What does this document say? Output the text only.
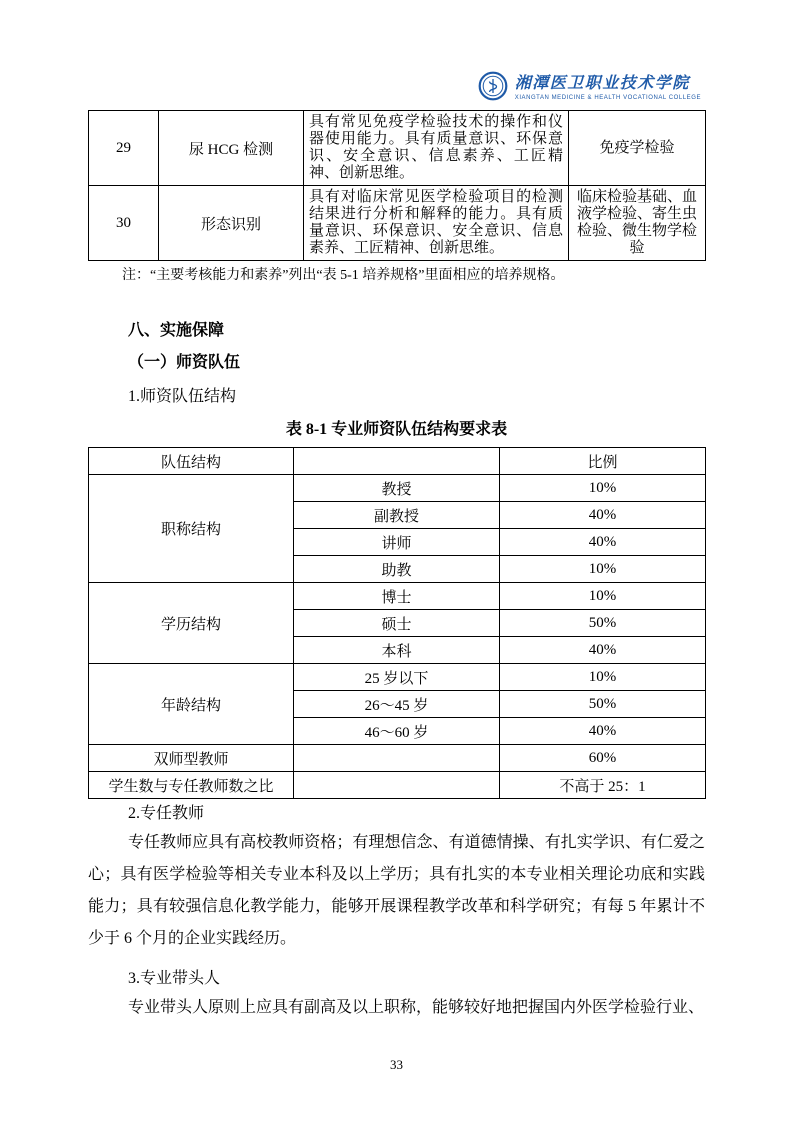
湘潭医卫职业技术学院
XIANGTAN MEDICINE & HEALTH VOCATIONAL COLLEGE
29	尿 HCG 检测	具有常见免疫学检验技术的操作和仪器使用能力。具有质量意识、环保意识、安全意识、信息素养、工匠精神、创新思维。	免疫学检验
30	形态识别	具有对临床常见医学检验项目的检测结果进行分析和解释的能力。具有质量意识、环保意识、安全意识、信息素养、工匠精神、创新思维。	临床检验基础、血液学检验、寄生虫检验、微生物学检验

注：“主要考核能力和素养”列出“表 5-1 培养规格”里面相应的培养规格。

八、实施保障
（一）师资队伍

1.师资队伍结构

表 8-1 专业师资队伍结构要求表

队伍结构		比例
职称结构	教授	10%
	副教授	40%
	讲师	40%
	助教	10%
学历结构	博士	10%
	硕士	50%
	本科	40%
年龄结构	25 岁以下	10%
	26～45 岁	50%
	46～60 岁	40%
双师型教师		60%
学生数与专任教师数之比		不高于 25：1

2.专任教师

专任教师应具有高校教师资格；有理想信念、有道德情操、有扎实学识、有仁爱之心；具有医学检验等相关专业本科及以上学历；具有扎实的本专业相关理论功底和实践能力；具有较强信息化教学能力，能够开展课程教学改革和科学研究；有每 5 年累计不少于 6 个月的企业实践经历。

3.专业带头人

专业带头人原则上应具有副高及以上职称，能够较好地把握国内外医学检验行业、

33
